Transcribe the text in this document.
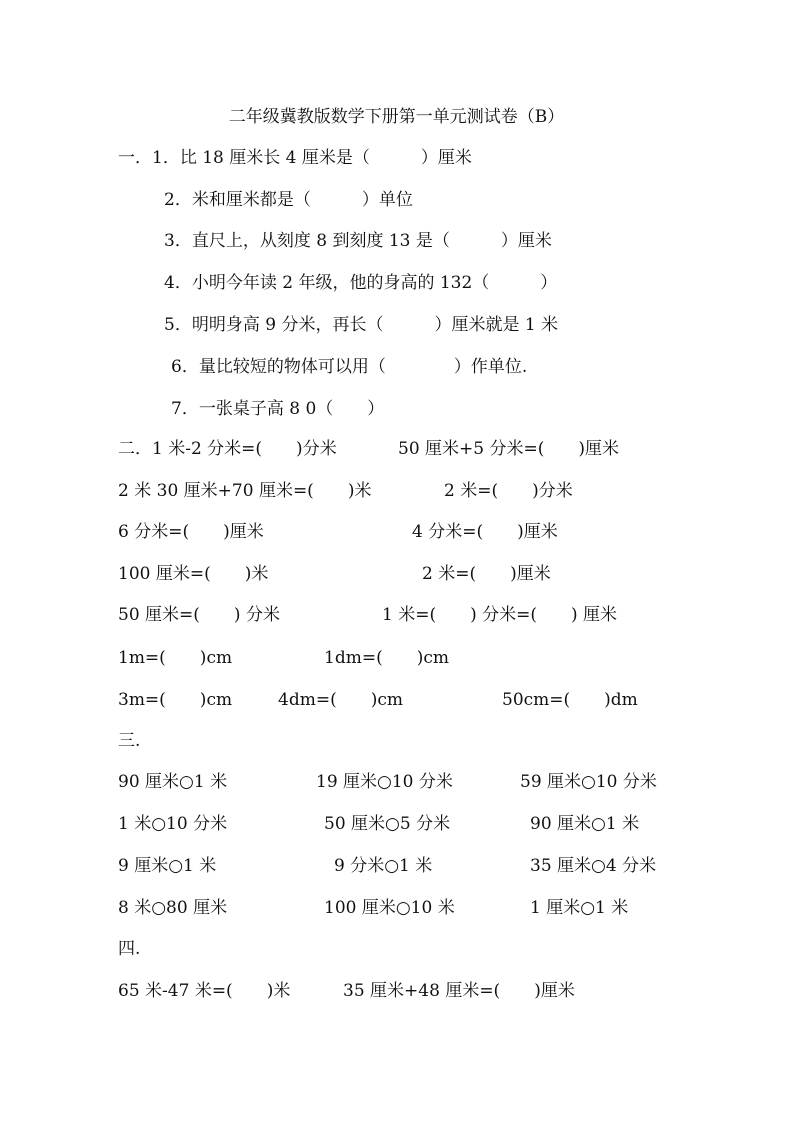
二年级冀教版数学下册第一单元测试卷（B）
一．1．比 18 厘米长 4 厘米是（　　　）厘米
2．米和厘米都是（　　　）单位
3．直尺上，从刻度 8 到刻度 13 是（　　　）厘米
4．小明今年读 2 年级，他的身高的 132（　　　）
5．明明身高 9 分米，再长（　　　）厘米就是 1 米
6．量比较短的物体可以用（　　　　）作单位.
7．一张桌子高 8 0（　　）
二．1 米-2 分米=(　　)分米	50 厘米+5 分米=(　　)厘米
2 米 30 厘米+70 厘米=(　　)米	2 米=(　　)分米
6 分米=(　　)厘米	4 分米=(　　)厘米
100 厘米=(　　)米	2 米=(　　)厘米
50 厘米=(　　) 分米	1 米=(　　) 分米=(　　) 厘米
1m=(　　)cm	1dm=(　　)cm
3m=(　　)cm	4dm=(　　)cm	50cm=(　　)dm
三.
90 厘米○1 米	19 厘米○10 分米	59 厘米○10 分米
1 米○10 分米	50 厘米○5 分米	90 厘米○1 米
9 厘米○1 米	9 分米○1 米	35 厘米○4 分米
8 米○80 厘米	100 厘米○10 米	1 厘米○1 米
四.
65 米-47 米=(　　)米	35 厘米+48 厘米=(　　)厘米
